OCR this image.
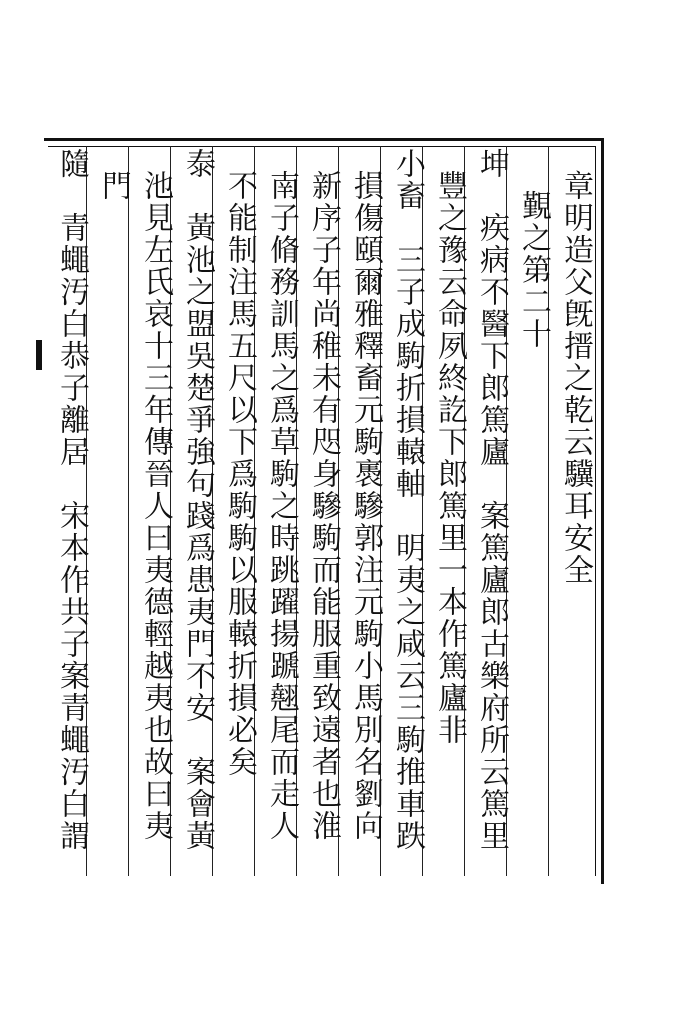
章明造父旣搢之乾云驥耳安全
覲之第二十
坤　疾病不醫下郎篤廬　案篤廬郎古樂府所云篤里
豐之豫云命夙終訖下郎篤里一本作篤廬非
小畜　三子成駒折損轅軸　明夷之咸云三駒推車跌
損傷頤爾雅釋畜元駒褭驂郭注元駒小馬別名劉向
新序子年尚稚未有咫身驂駒而能服重致遠者也淮
南子脩務訓馬之爲草駒之時跳躍揚蹏翹尾而走人
不能制注馬五尺以下爲駒駒以服轅折損必矣
泰　黃池之盟吳楚爭強句踐爲患夷門不安　案會黃
池見左氏哀十三年傳晉人曰夷德輕越夷也故曰夷
門
隨　青蠅汚白恭子離居　宋本作共子案青蠅汚白謂
